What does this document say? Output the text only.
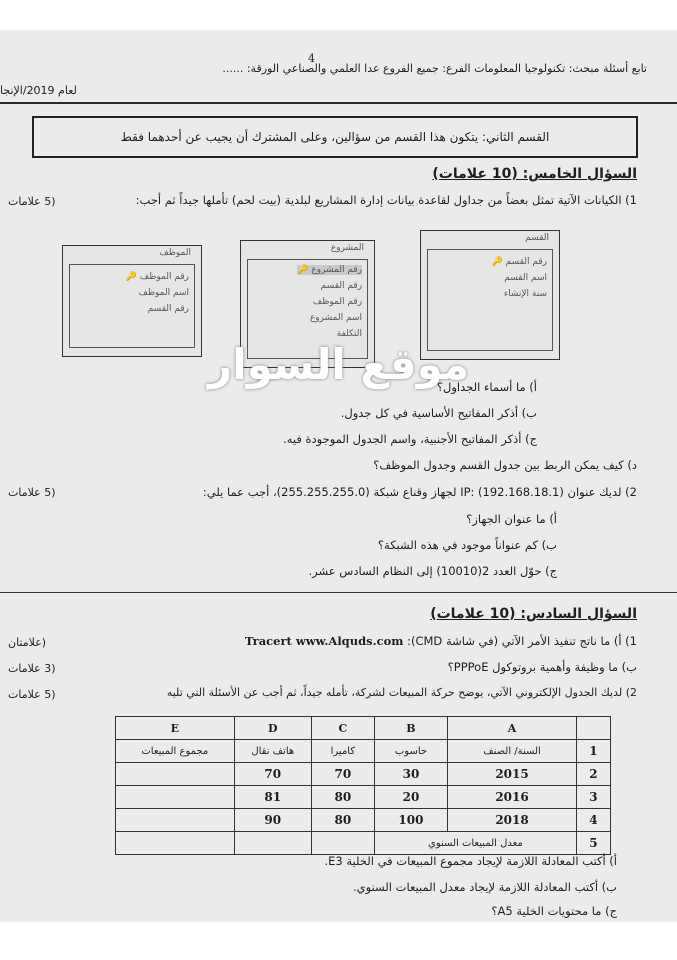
4
تابع أسئلة مبحث: تكنولوجيا المعلومات الفرع: جميع الفروع عدا العلمي والصناعي الورقة: ......
لعام 2019/الإنجا
القسم الثاني: يتكون هذا القسم من سؤالين، وعلى المشترك أن يجيب عن أحدهما فقط
السؤال الخامس: (10 علامات)
1) الكيانات الآتية تمثل بعضاً من جداول لقاعدة بيانات إدارة المشاريع لبلدية (بيت لحم) تأملها جيداً ثم أجب:
(5 علامات
الموظف
🔑 رقم الموظف
اسم الموظف
رقم القسم
المشروع
🔑 رقم المشروع
رقم القسم
رقم الموظف
اسم المشروع
التكلفة
القسم
🔑 رقم القسم
اسم القسم
سنة الإنشاء
موقع السوار
أ) ما أسماء الجداول؟
ب) أذكر المفاتيح الأساسية في كل جدول.
ج) أذكر المفاتيح الأجنبية، واسم الجدول الموجودة فيه.
د) كيف يمكن الربط بين جدول القسم وجدول الموظف؟
2) لديك عنوان IP: (192.168.18.1) لجهاز وقناع شبكة (255.255.255.0)، أجب عما يلي:
(5 علامات
أ) ما عنوان الجهاز؟
ب) كم عنواناً موجود في هذه الشبكة؟
ج) حوّل العدد 2(10010) إلى النظام السادس عشر.
السؤال السادس: (10 علامات)
1) أ) ما ناتج تنفيذ الأمر الآتي (في شاشة CMD): Tracert www.Alquds.com
(علامتان
ب) ما وظيفة وأهمية بروتوكول PPPoE؟
(3 علامات
2) لديك الجدول الإلكتروني الآتي، يوضح حركة المبيعات لشركة، تأمله جيداً، ثم أجب عن الأسئلة التي تليه
(5 علامات
E	D	C	B	A	
مجموع المبيعات	هاتف نقال	كاميرا	حاسوب	السنة/ الصنف	1
	70	70	30	2015	2
	81	80	20	2016	3
	90	80	100	2018	4
			معدل المبيعات السنوي		5
أ) أكتب المعادلة اللازمة لإيجاد مجموع المبيعات في الخلية E3.
ب) أكتب المعادلة اللازمة لإيجاد معدل المبيعات السنوي.
ج) ما محتويات الخلية A5؟
